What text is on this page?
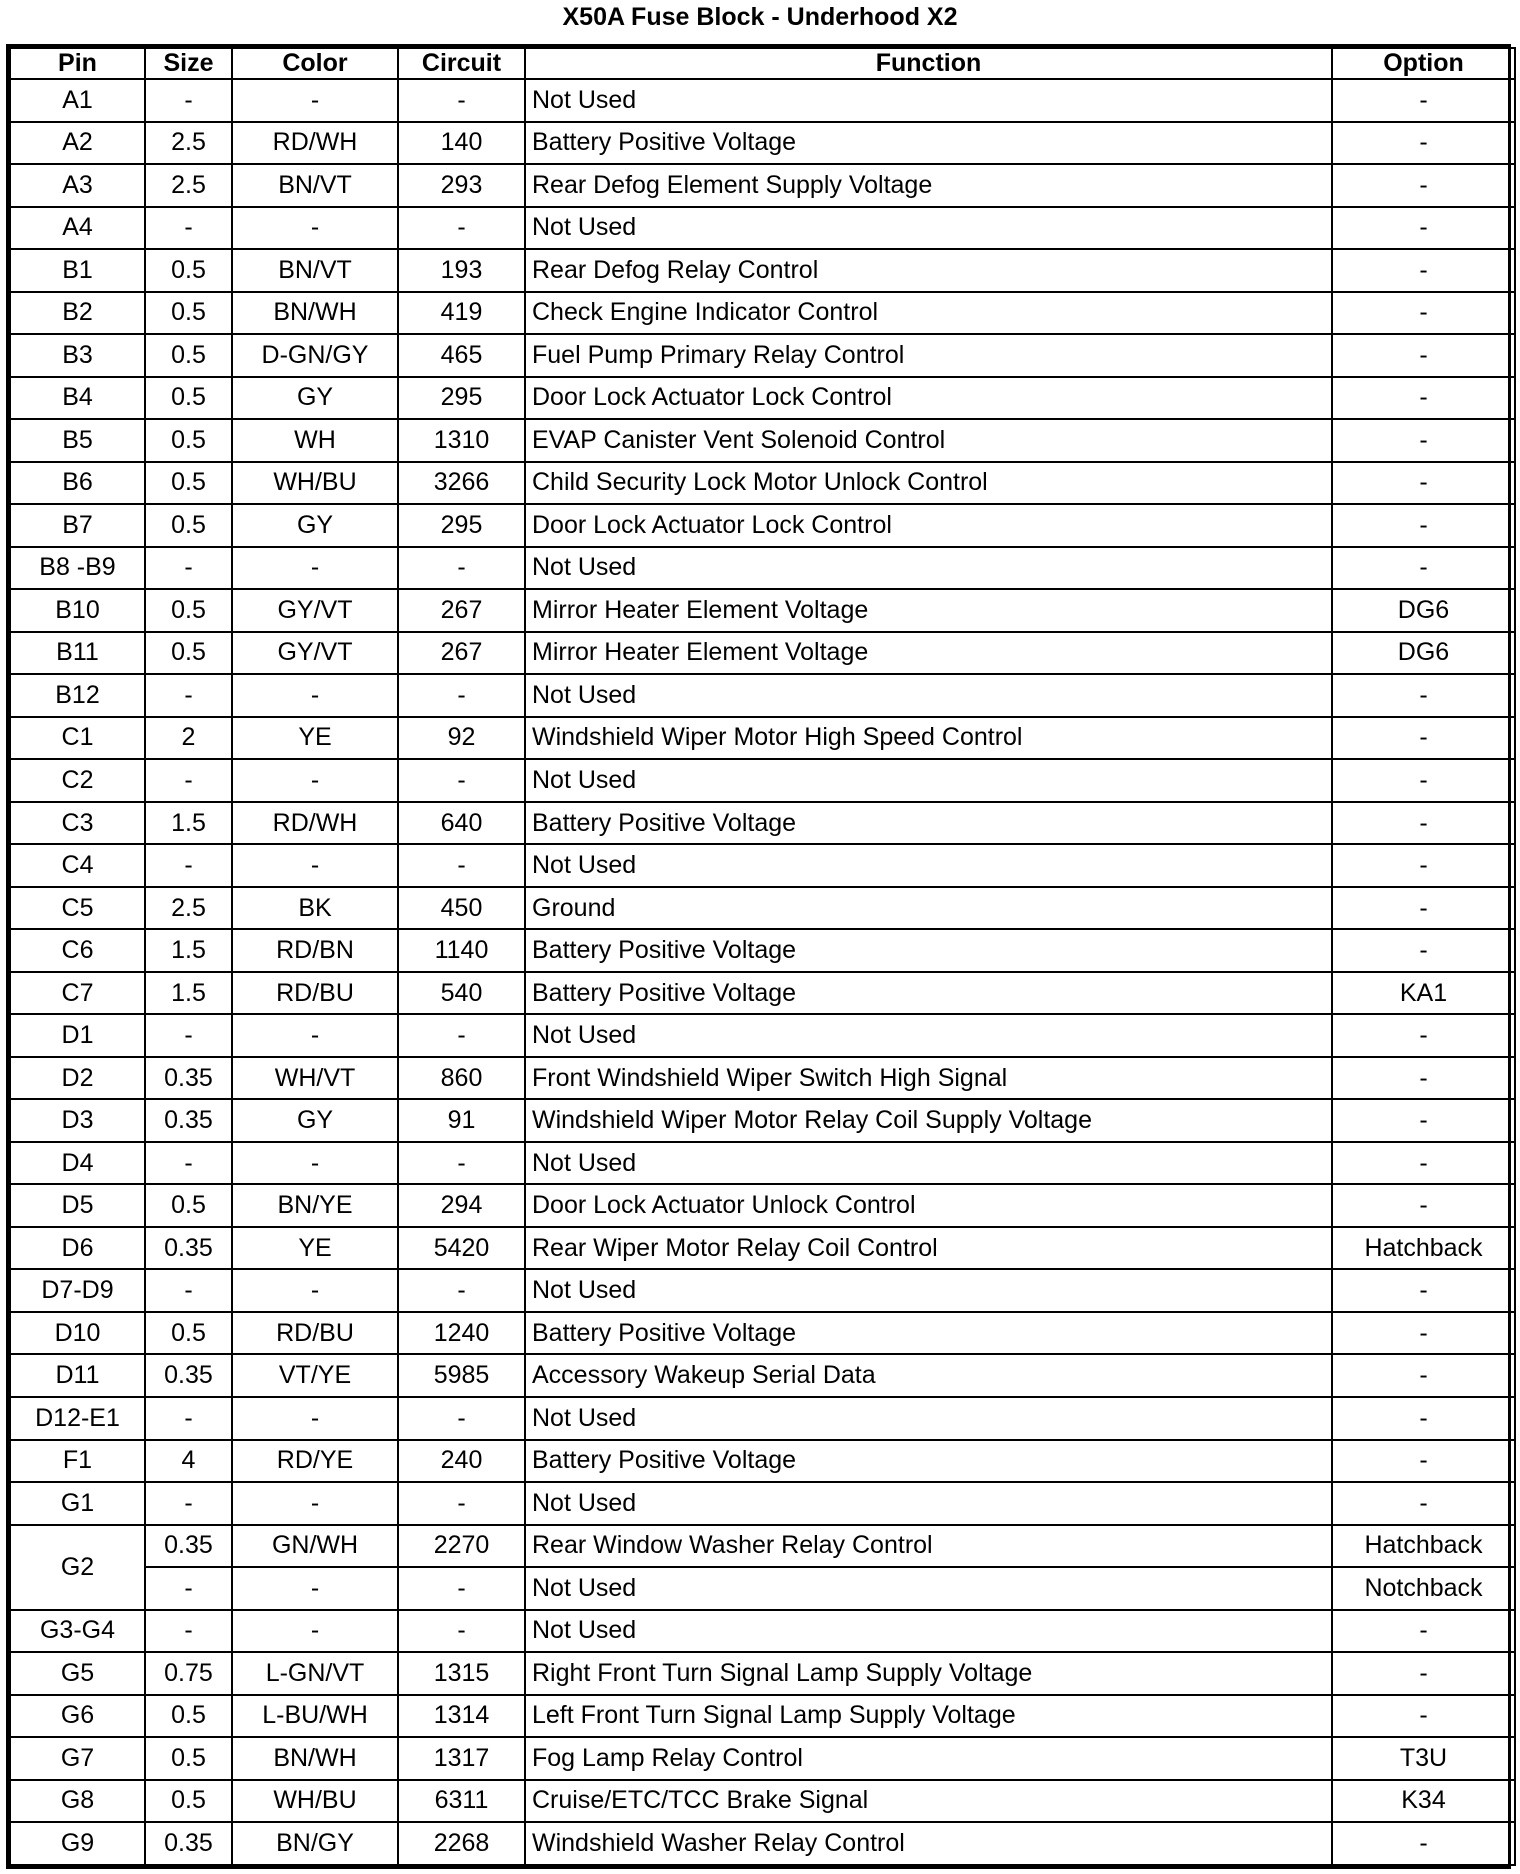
X50A Fuse Block - Underhood X2
Pin	Size	Color	Circuit	Function	Option
A1	-	-	-	Not Used	-
A2	2.5	RD/WH	140	Battery Positive Voltage	-
A3	2.5	BN/VT	293	Rear Defog Element Supply Voltage	-
A4	-	-	-	Not Used	-
B1	0.5	BN/VT	193	Rear Defog Relay Control	-
B2	0.5	BN/WH	419	Check Engine Indicator Control	-
B3	0.5	D-GN/GY	465	Fuel Pump Primary Relay Control	-
B4	0.5	GY	295	Door Lock Actuator Lock Control	-
B5	0.5	WH	1310	EVAP Canister Vent Solenoid Control	-
B6	0.5	WH/BU	3266	Child Security Lock Motor Unlock Control	-
B7	0.5	GY	295	Door Lock Actuator Lock Control	-
B8 -B9	-	-	-	Not Used	-
B10	0.5	GY/VT	267	Mirror Heater Element Voltage	DG6
B11	0.5	GY/VT	267	Mirror Heater Element Voltage	DG6
B12	-	-	-	Not Used	-
C1	2	YE	92	Windshield Wiper Motor High Speed Control	-
C2	-	-	-	Not Used	-
C3	1.5	RD/WH	640	Battery Positive Voltage	-
C4	-	-	-	Not Used	-
C5	2.5	BK	450	Ground	-
C6	1.5	RD/BN	1140	Battery Positive Voltage	-
C7	1.5	RD/BU	540	Battery Positive Voltage	KA1
D1	-	-	-	Not Used	-
D2	0.35	WH/VT	860	Front Windshield Wiper Switch High Signal	-
D3	0.35	GY	91	Windshield Wiper Motor Relay Coil Supply Voltage	-
D4	-	-	-	Not Used	-
D5	0.5	BN/YE	294	Door Lock Actuator Unlock Control	-
D6	0.35	YE	5420	Rear Wiper Motor Relay Coil Control	Hatchback
D7-D9	-	-	-	Not Used	-
D10	0.5	RD/BU	1240	Battery Positive Voltage	-
D11	0.35	VT/YE	5985	Accessory Wakeup Serial Data	-
D12-E1	-	-	-	Not Used	-
F1	4	RD/YE	240	Battery Positive Voltage	-
G1	-	-	-	Not Used	-
G2	0.35	GN/WH	2270	Rear Window Washer Relay Control	Hatchback
	-	-	-	Not Used	Notchback
G3-G4	-	-	-	Not Used	-
G5	0.75	L-GN/VT	1315	Right Front Turn Signal Lamp Supply Voltage	-
G6	0.5	L-BU/WH	1314	Left Front Turn Signal Lamp Supply Voltage	-
G7	0.5	BN/WH	1317	Fog Lamp Relay Control	T3U
G8	0.5	WH/BU	6311	Cruise/ETC/TCC Brake Signal	K34
G9	0.35	BN/GY	2268	Windshield Washer Relay Control	-
